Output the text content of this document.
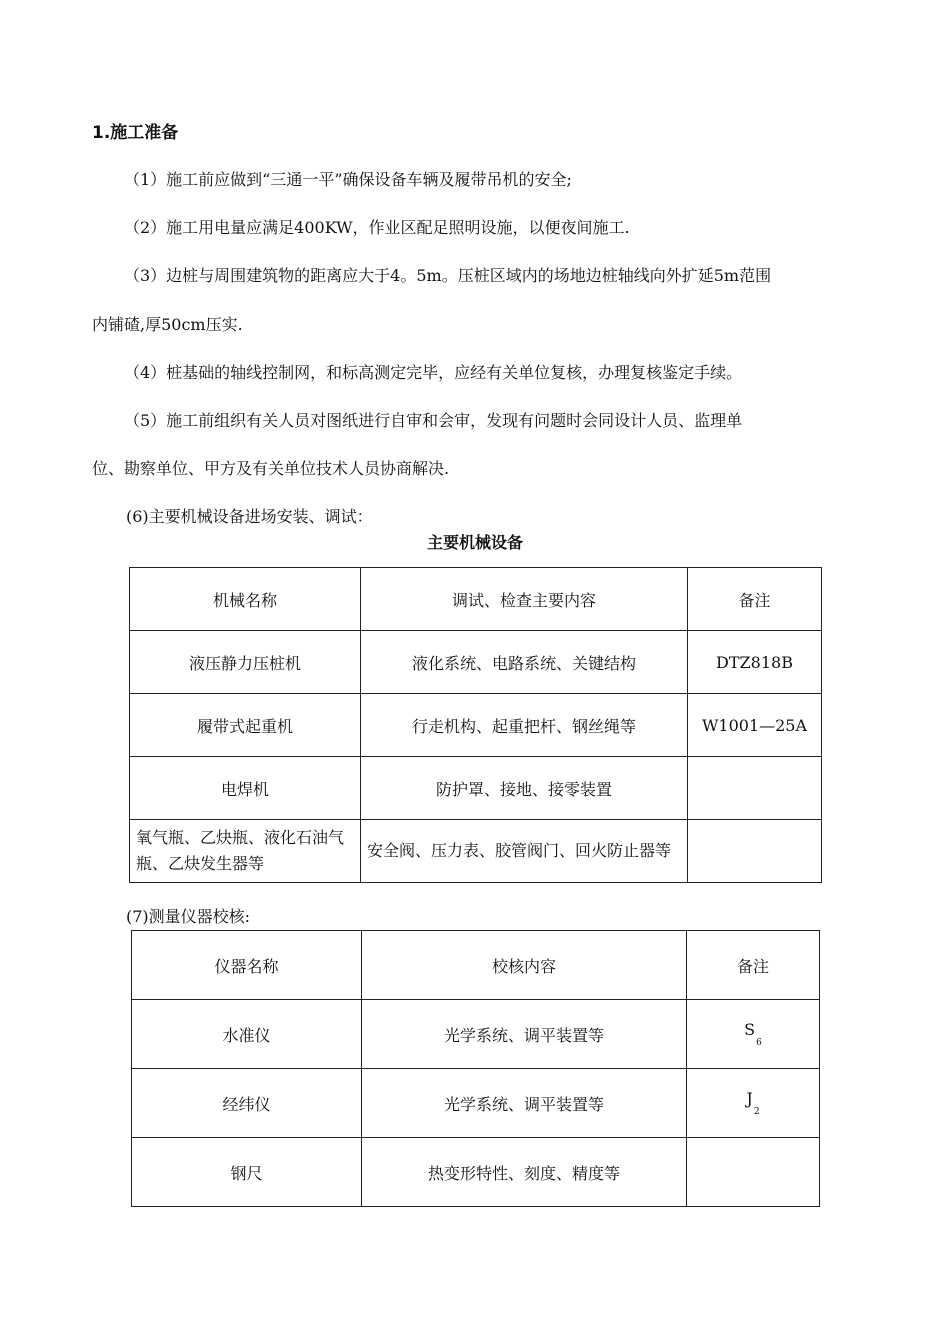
1.施工准备
（1）施工前应做到“三通一平”确保设备车辆及履带吊机的安全;
（2）施工用电量应满足400KW，作业区配足照明设施，以便夜间施工.
（3）边桩与周围建筑物的距离应大于4。5m。压桩区域内的场地边桩轴线向外扩延5m范围
内铺碴,厚50cm压实.
（4）桩基础的轴线控制网，和标高测定完毕，应经有关单位复核，办理复核鉴定手续。
（5）施工前组织有关人员对图纸进行自审和会审，发现有问题时会同设计人员、监理单
位、勘察单位、甲方及有关单位技术人员协商解决.
(6)主要机械设备进场安装、调试：
主要机械设备
机械名称	调试、检查主要内容	备注
液压静力压桩机	液化系统、电路系统、关键结构	DTZ818B
履带式起重机	行走机构、起重把杆、钢丝绳等	W1001—25A
电焊机	防护罩、接地、接零装置	
氧气瓶、乙炔瓶、液化石油气瓶、乙炔发生器等	安全阀、压力表、胶管阀门、回火防止器等	
(7)测量仪器校核:
仪器名称	校核内容	备注
水准仪	光学系统、调平装置等	$S_6$
经纬仪	光学系统、调平装置等	$J_2$
钢尺	热变形特性、刻度、精度等	
